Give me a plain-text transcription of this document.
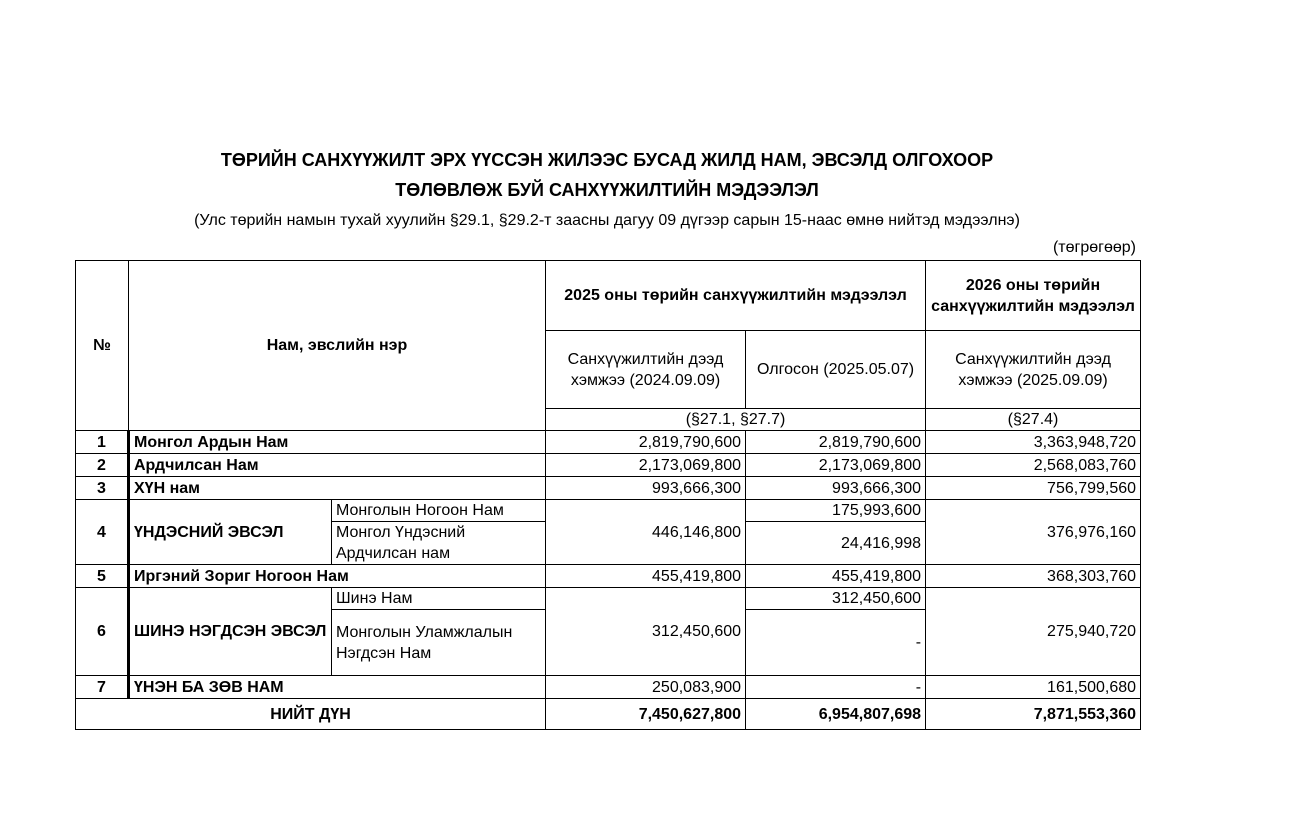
ТӨРИЙН САНХҮҮЖИЛТ ЭРХ ҮҮССЭН ЖИЛЭЭС БУСАД ЖИЛД НАМ, ЭВСЭЛД ОЛГОХООР
ТӨЛӨВЛӨЖ БУЙ САНХҮҮЖИЛТИЙН МЭДЭЭЛЭЛ
(Улс төрийн намын тухай хуулийн §29.1, §29.2-т заасны дагуу 09 дүгээр сарын 15-наас өмнө нийтэд мэдээлнэ)
(төгрөгөөр)
№	Нам, эвслийн нэр		2025 оны төрийн санхүүжилтийн мэдээлэл		2026 оны төрийн санхүүжилтийн мэдээлэл
			Санхүүжилтийн дээд хэмжээ (2024.09.09)	Олгосон (2025.05.07)	Санхүүжилтийн дээд хэмжээ (2025.09.09)
			(§27.1, §27.7)		(§27.4)
1	Монгол Ардын Нам		2,819,790,600	2,819,790,600	3,363,948,720
2	Ардчилсан Нам		2,173,069,800	2,173,069,800	2,568,083,760
3	ХҮН нам		993,666,300	993,666,300	756,799,560
4	ҮНДЭСНИЙ ЭВСЭЛ	Монголын Ногоон Нам	446,146,800	175,993,600	376,976,160
		Монгол Үндэсний Ардчилсан нам		24,416,998	
5	Иргэний Зориг Ногоон Нам		455,419,800	455,419,800	368,303,760
6	ШИНЭ НЭГДСЭН ЭВСЭЛ	Шинэ Нам	312,450,600	312,450,600	275,940,720
		Монголын Уламжлалын Нэгдсэн Нам		-	
7	ҮНЭН БА ЗӨВ НАМ		250,083,900	-	161,500,680
НИЙТ ДҮН			7,450,627,800	6,954,807,698	7,871,553,360
